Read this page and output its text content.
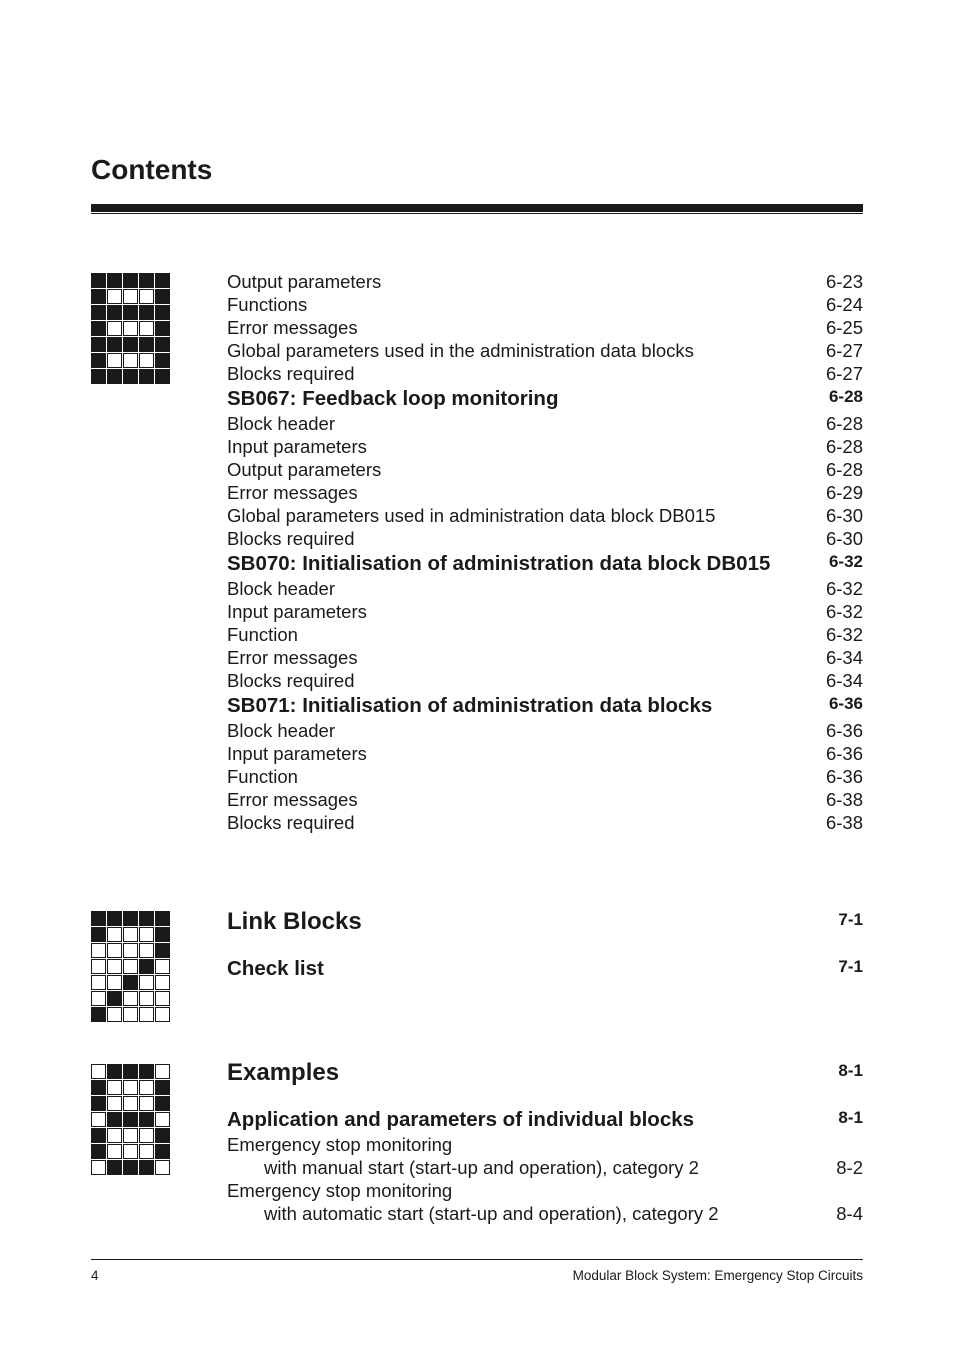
Contents
Output parameters	6-23
Functions	6-24
Error messages	6-25
Global parameters used in the administration data blocks	6-27
Blocks required	6-27
SB067: Feedback loop monitoring	6-28
Block header	6-28
Input parameters	6-28
Output parameters	6-28
Error messages	6-29
Global parameters used in administration data block DB015	6-30
Blocks required	6-30
SB070: Initialisation of administration data block DB015	6-32
Block header	6-32
Input parameters	6-32
Function	6-32
Error messages	6-34
Blocks required	6-34
SB071: Initialisation of administration data blocks	6-36
Block header	6-36
Input parameters	6-36
Function	6-36
Error messages	6-38
Blocks required	6-38
Link Blocks	7-1
Check list	7-1
Examples	8-1
Application and parameters of individual blocks	8-1
Emergency stop monitoring
with manual start (start-up and operation), category 2	8-2
Emergency stop monitoring
with automatic start (start-up and operation), category 2	8-4
4	Modular Block System: Emergency Stop Circuits
